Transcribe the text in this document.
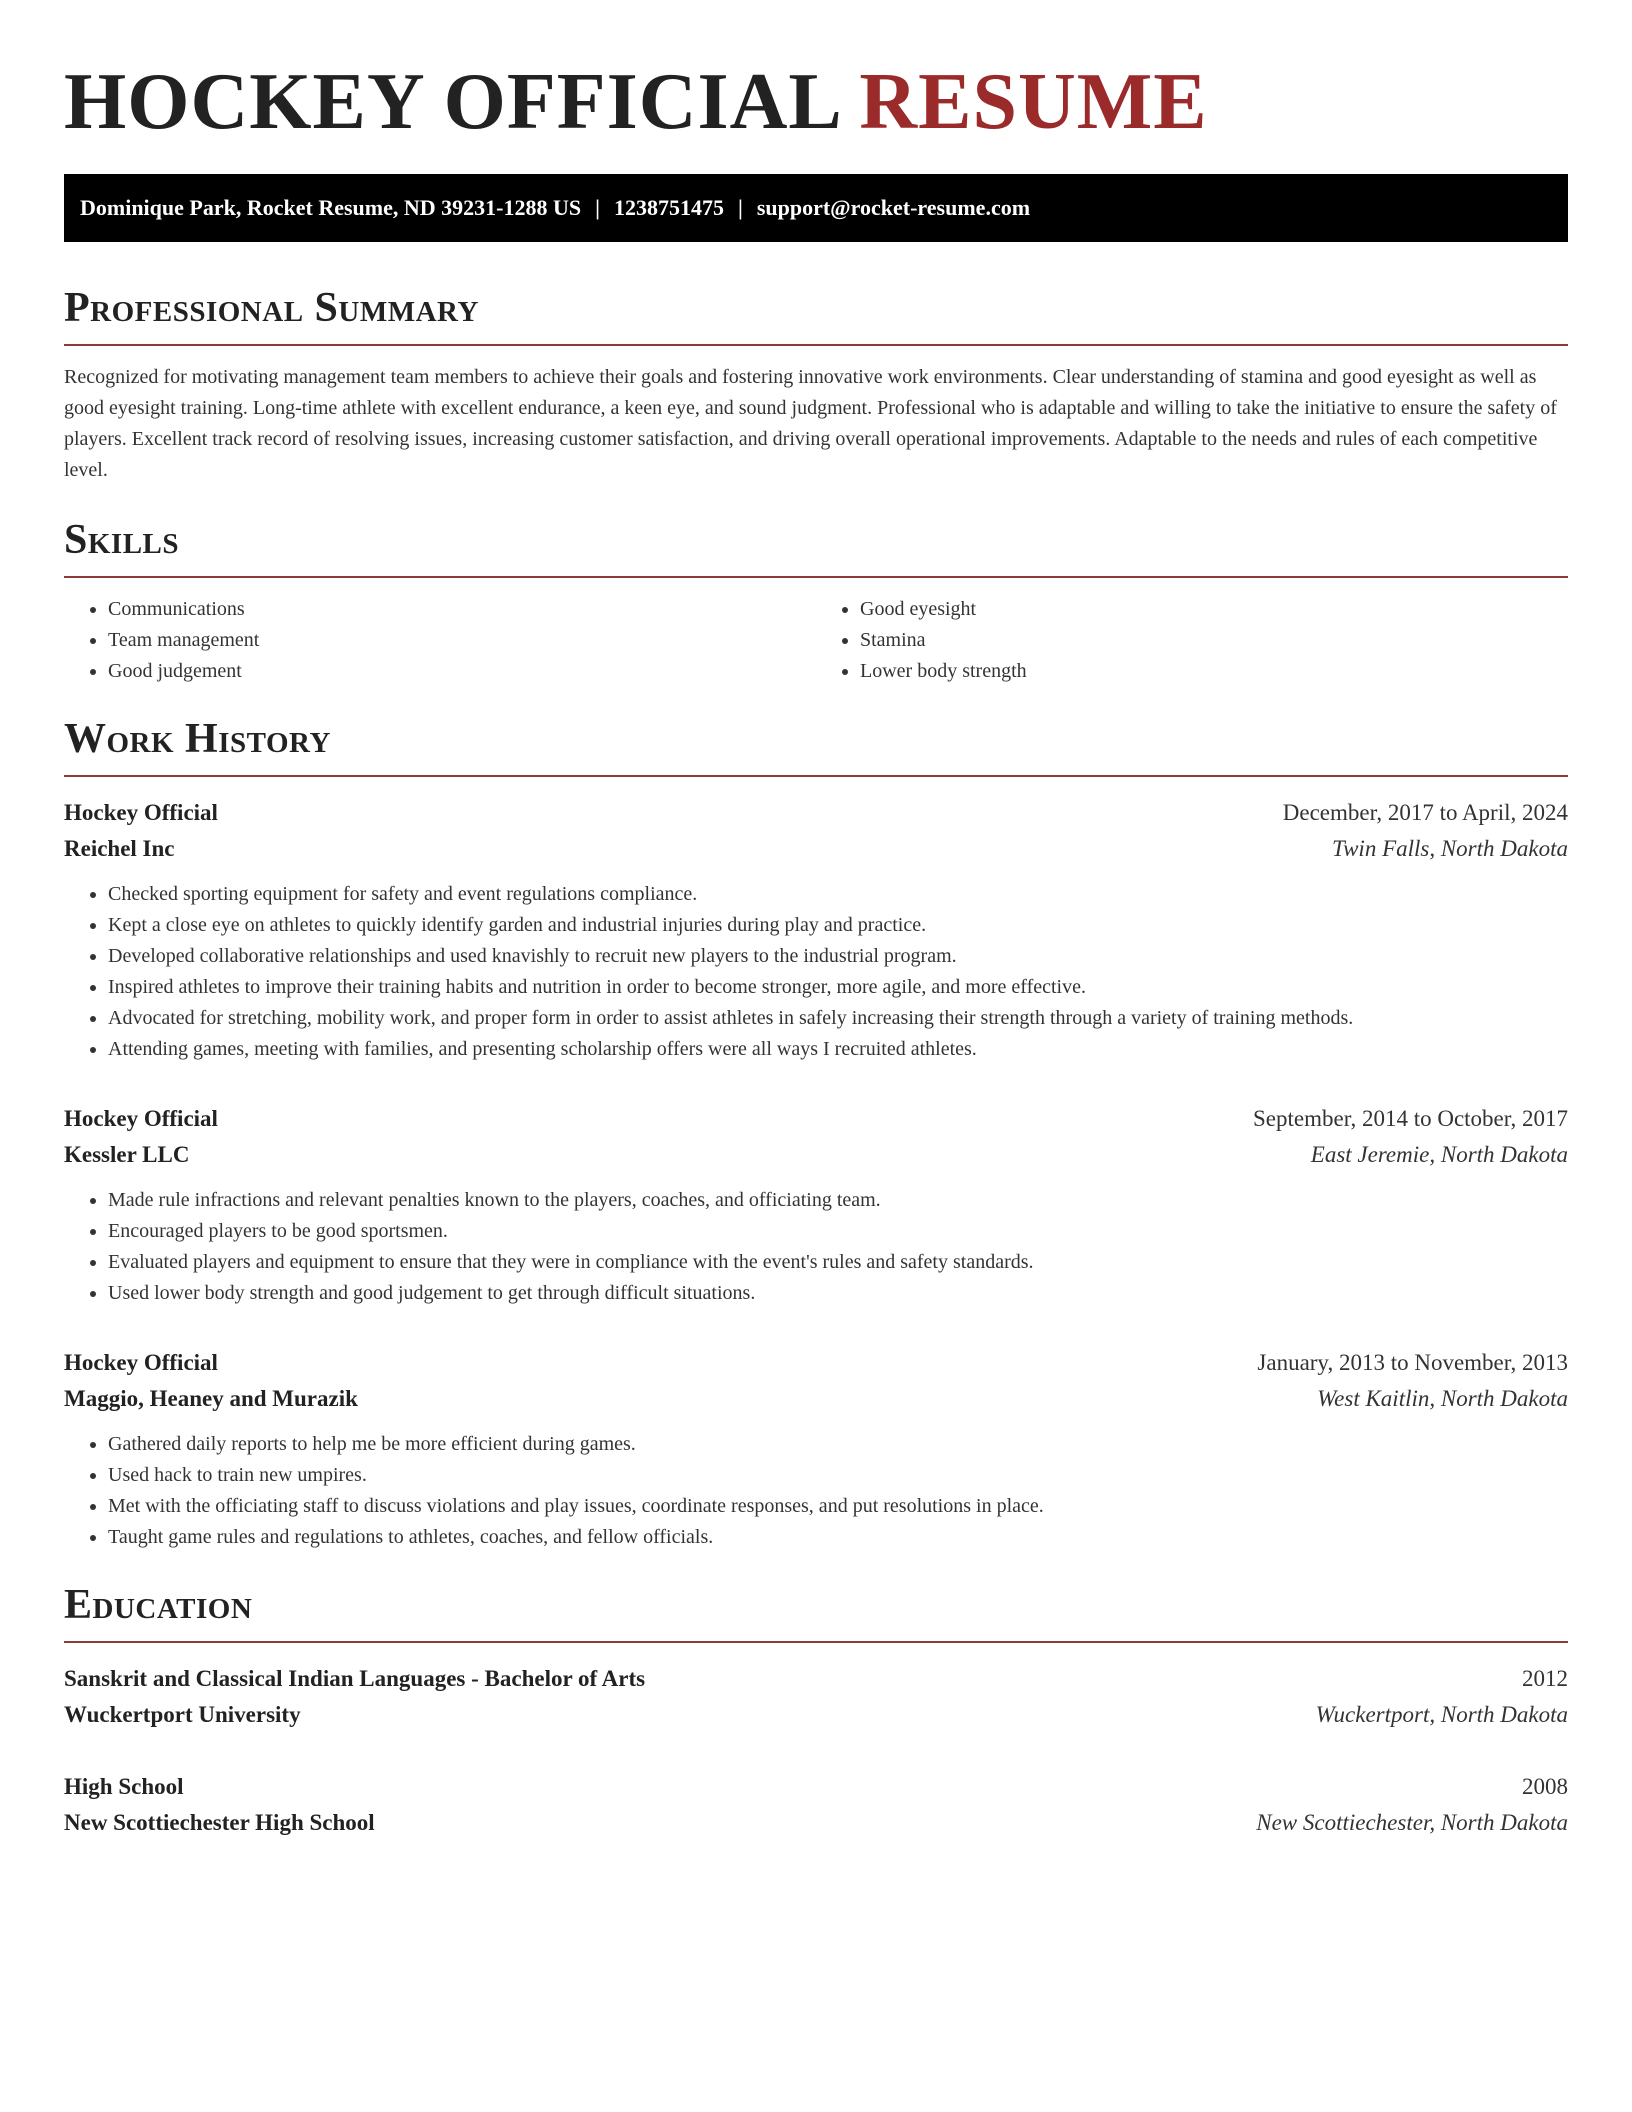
HOCKEY OFFICIAL RESUME
Dominique Park, Rocket Resume, ND 39231-1288 US | 1238751475 | support@rocket-resume.com
Professional Summary

Recognized for motivating management team members to achieve their goals and fostering innovative work environments. Clear understanding of stamina and good eyesight as well as good eyesight training. Long-time athlete with excellent endurance, a keen eye, and sound judgment. Professional who is adaptable and willing to take the initiative to ensure the safety of players. Excellent track record of resolving issues, increasing customer satisfaction, and driving overall operational improvements. Adaptable to the needs and rules of each competitive level.

Skills
• Communications
• Team management
• Good judgement
• Good eyesight
• Stamina
• Lower body strength
Work History
Hockey Official	December, 2017 to April, 2024
Reichel Inc	Twin Falls, North Dakota
• Checked sporting equipment for safety and event regulations compliance.
• Kept a close eye on athletes to quickly identify garden and industrial injuries during play and practice.
• Developed collaborative relationships and used knavishly to recruit new players to the industrial program.
• Inspired athletes to improve their training habits and nutrition in order to become stronger, more agile, and more effective.
• Advocated for stretching, mobility work, and proper form in order to assist athletes in safely increasing their strength through a variety of training methods.
• Attending games, meeting with families, and presenting scholarship offers were all ways I recruited athletes.
Hockey Official	September, 2014 to October, 2017
Kessler LLC	East Jeremie, North Dakota
• Made rule infractions and relevant penalties known to the players, coaches, and officiating team.
• Encouraged players to be good sportsmen.
• Evaluated players and equipment to ensure that they were in compliance with the event's rules and safety standards.
• Used lower body strength and good judgement to get through difficult situations.
Hockey Official	January, 2013 to November, 2013
Maggio, Heaney and Murazik	West Kaitlin, North Dakota
• Gathered daily reports to help me be more efficient during games.
• Used hack to train new umpires.
• Met with the officiating staff to discuss violations and play issues, coordinate responses, and put resolutions in place.
• Taught game rules and regulations to athletes, coaches, and fellow officials.
Education
Sanskrit and Classical Indian Languages - Bachelor of Arts	2012
Wuckertport University	Wuckertport, North Dakota
High School	2008
New Scottiechester High School	New Scottiechester, North Dakota
